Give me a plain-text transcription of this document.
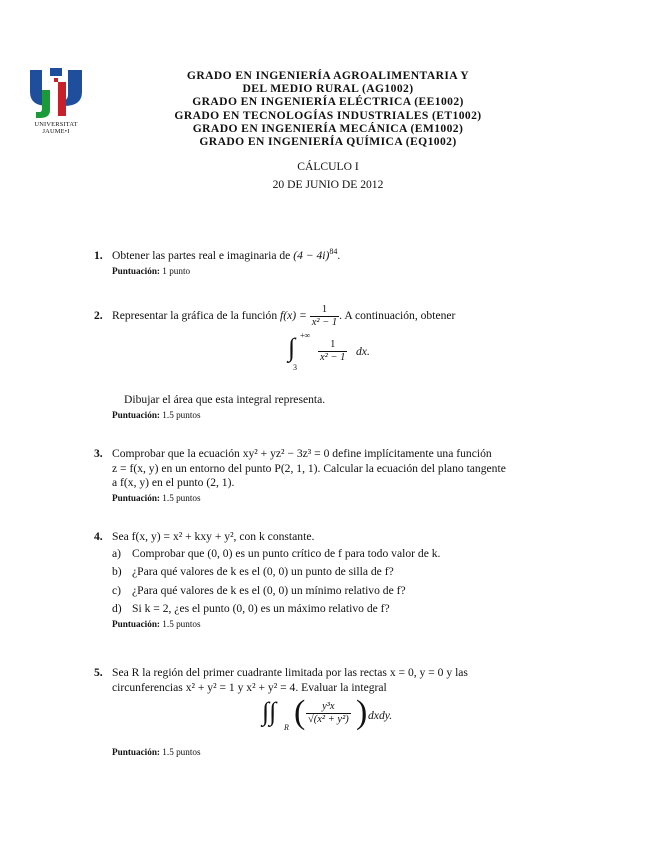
UNIVERSITAT
JAUME•I
GRADO EN INGENIERÍA AGROALIMENTARIA Y
DEL MEDIO RURAL (AG1002)
GRADO EN INGENIERÍA ELÉCTRICA (EE1002)
GRADO EN TECNOLOGÍAS INDUSTRIALES (ET1002)
GRADO EN INGENIERÍA MECÁNICA (EM1002)
GRADO EN INGENIERÍA QUÍMICA (EQ1002)
CÁLCULO I
20 DE JUNIO DE 2012
1. Obtener las partes real e imaginaria de $(4 - 4i)^{84}$.
Puntuación: 1 punto
2. Representar la gráfica de la función $f(x) = \frac{1}{\text{x² − 1}}$ . A continuación, obtener
∫ +∞
3
$\frac{1}{\text{x² − 1}}$ dx.
Dibujar el área que esta integral representa.
Puntuación: 1.5 puntos
3. Comprobar que la ecuación xy² + yz² − 3z³ = 0 define implícitamente una función
z = f(x, y) en un entorno del punto P(2, 1, 1). Calcular la ecuación del plano tangente
a f(x, y) en el punto (2, 1).
Puntuación: 1.5 puntos
4. Sea f(x, y) = x² + kxy + y², con k constante.
a) Comprobar que (0, 0) es un punto crítico de f para todo valor de k.
b) ¿Para qué valores de k es el (0, 0) un punto de silla de f?
c) ¿Para qué valores de k es el (0, 0) un mínimo relativo de f?
d) Si k = 2, ¿es el punto (0, 0) es un máximo relativo de f?
Puntuación: 1.5 puntos
5. Sea R la región del primer cuadrante limitada por las rectas x = 0, y = 0 y las
circunferencias x² + y² = 1 y x² + y² = 4. Evaluar la integral
∫∫
R ( $\frac{\text{y³x}}{\text{√(x² + y²)}}$ ) dxdy.
Puntuación: 1.5 puntos
